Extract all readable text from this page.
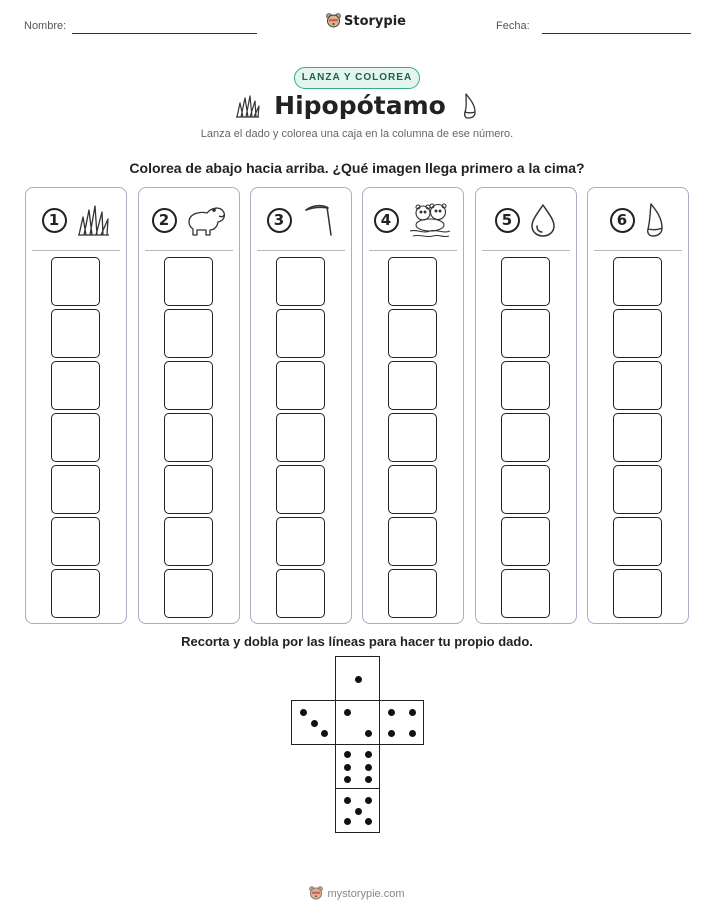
Nombre:	Storypie	Fecha:
LANZA Y COLOREA
Hipopótamo
Lanza el dado y colorea una caja en la columna de ese número.
Colorea de abajo hacia arriba. ¿Qué imagen llega primero a la cima?
1	2	3	4	5	6
Recorta y dobla por las líneas para hacer tu propio dado.
mystorypie.com
